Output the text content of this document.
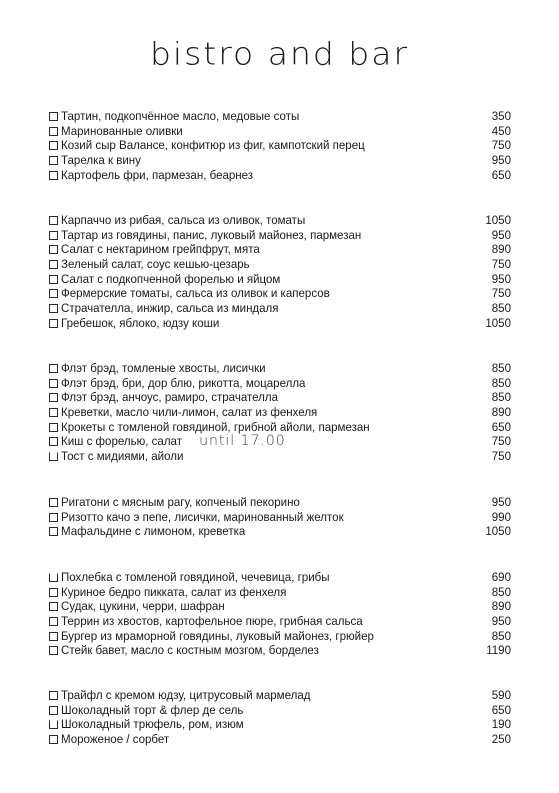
bistro and bar
Тартин, подкопчённое масло, медовые соты	350
Маринованные оливки	450
Козий сыр Валансе, конфитюр из фиг, кампотский перец	750
Тарелка к вину	950
Картофель фри, пармезан, беарнез	650
Карпаччо из рибая, сальса из оливок, томаты	1050
Тартар из говядины, панис, луковый майонез, пармезан	950
Салат с нектарином грейпфрут, мята	890
Зеленый салат, соус кешью-цезарь	750
Салат с подкопченной форелью и яйцом	950
Фермерские томаты, сальса из оливок и каперсов	750
Страчателла, инжир, сальса из миндаля	850
Гребешок, яблоко, юдзу коши	1050
Флэт брэд, томленые хвосты, лисички	850
Флэт брэд, бри, дор блю, рикотта, моцарелла	850
Флэт брэд, анчоус, рамиро, страчателла	850
Креветки, масло чили-лимон, салат из фенхеля	890
Крокеты с томленой говядиной, грибной айоли, пармезан	650
Киш с форелью, салат until 17.00	750
Тост с мидиями, айоли	750
Ригатони с мясным рагу, копченый пекорино	950
Ризотто качо э пепе, лисички, маринованный желток	990
Мафальдине с лимоном, креветка	1050
Похлебка с томленой говядиной, чечевица, грибы	690
Куриное бедро пикката, салат из фенхеля	850
Судак, цукини, черри, шафран	890
Террин из хвостов, картофельное пюре, грибная сальса	950
Бургер из мраморной говядины, луковый майонез, грюйер	850
Стейк бавет, масло с костным мозгом, борделез	1190
Трайфл с кремом юдзу, цитрусовый мармелад	590
Шоколадный торт & флер де сель	650
Шоколадный трюфель, ром, изюм	190
Мороженое / сорбет	250
